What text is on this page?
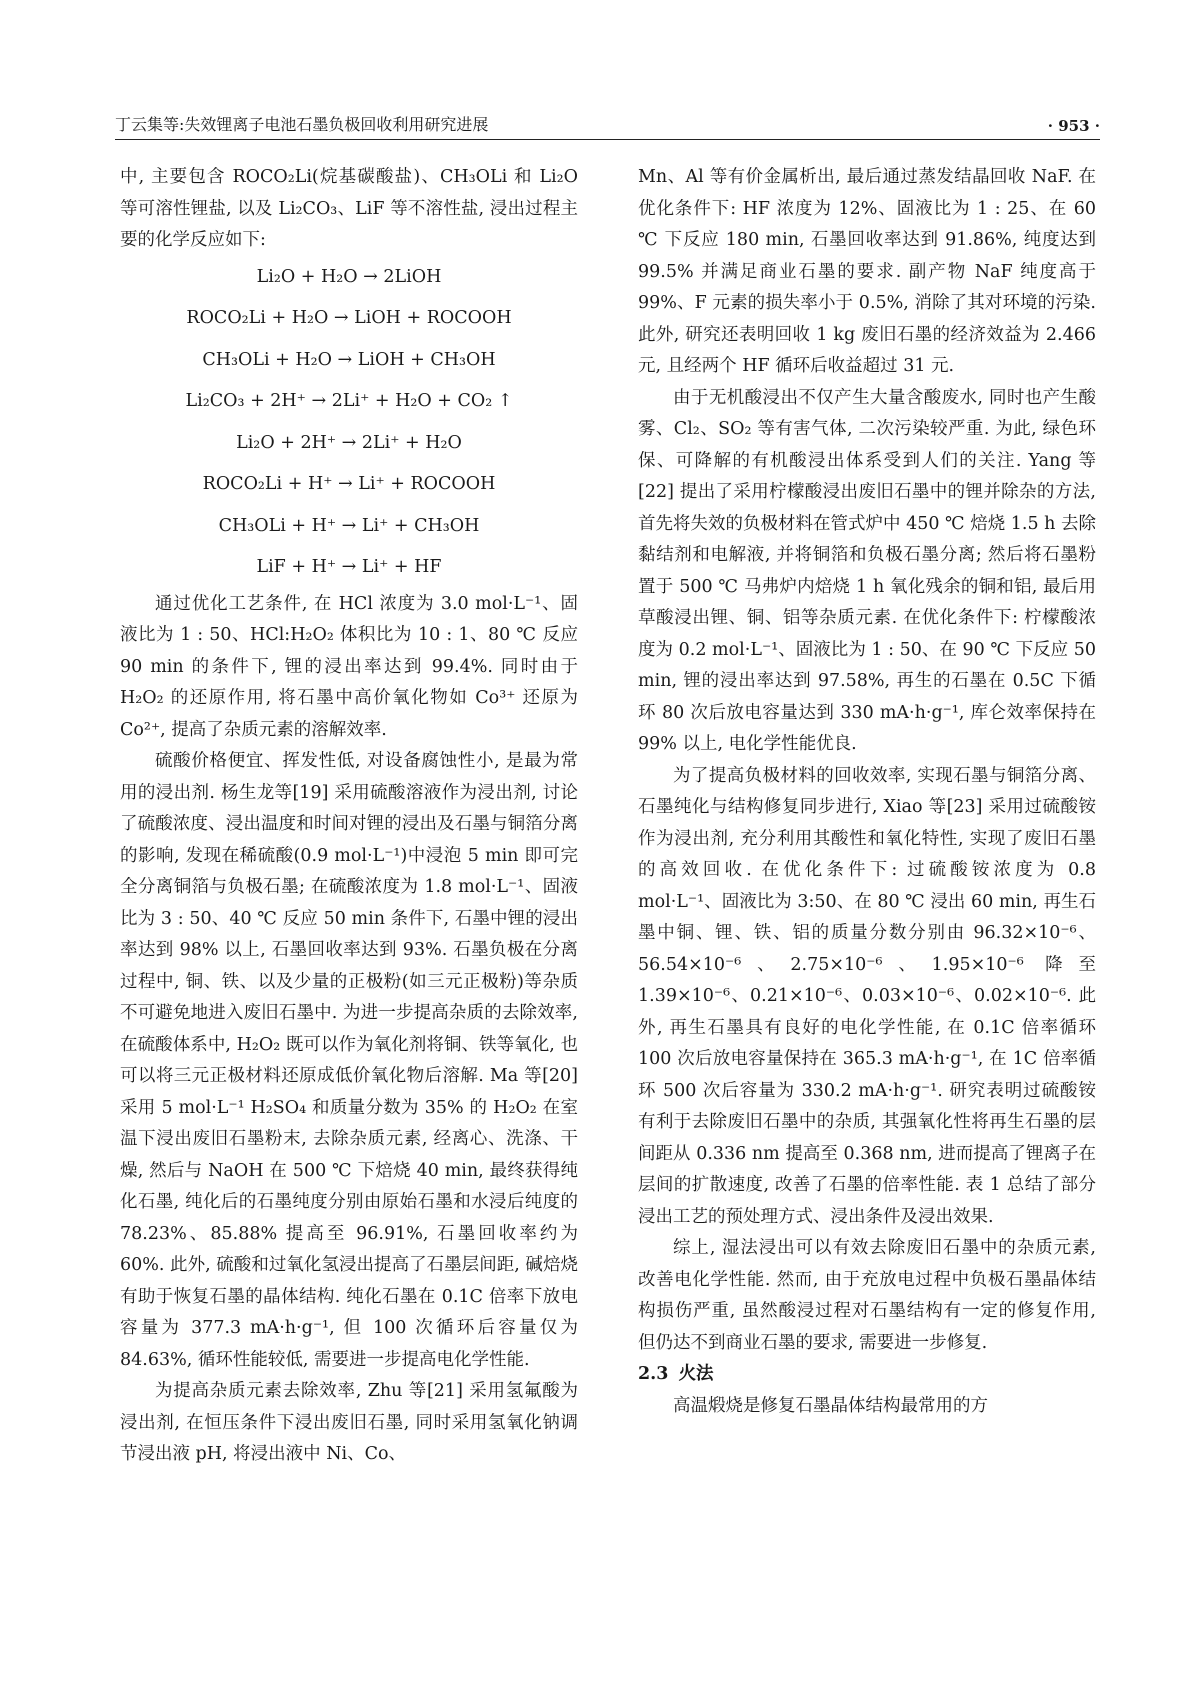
丁云集等:失效锂离子电池石墨负极回收利用研究进展	· 953 ·

中, 主要包含 ROCO₂Li(烷基碳酸盐)、CH₃OLi 和 Li₂O 等可溶性锂盐, 以及 Li₂CO₃、LiF 等不溶性盐, 浸出过程主要的化学反应如下:

Li₂O + H₂O → 2LiOH

ROCO₂Li + H₂O → LiOH + ROCOOH

CH₃OLi + H₂O → LiOH + CH₃OH

Li₂CO₃ + 2H⁺ → 2Li⁺ + H₂O + CO₂ ↑

Li₂O + 2H⁺ → 2Li⁺ + H₂O

ROCO₂Li + H⁺ → Li⁺ + ROCOOH

CH₃OLi + H⁺ → Li⁺ + CH₃OH

LiF + H⁺ → Li⁺ + HF

通过优化工艺条件, 在 HCl 浓度为 3.0 mol·L⁻¹、固液比为 1 : 50、HCl:H₂O₂ 体积比为 10 : 1、80 ℃ 反应 90 min 的条件下, 锂的浸出率达到 99.4%. 同时由于 H₂O₂ 的还原作用, 将石墨中高价氧化物如 Co³⁺ 还原为 Co²⁺, 提高了杂质元素的溶解效率.

硫酸价格便宜、挥发性低, 对设备腐蚀性小, 是最为常用的浸出剂. 杨生龙等[19] 采用硫酸溶液作为浸出剂, 讨论了硫酸浓度、浸出温度和时间对锂的浸出及石墨与铜箔分离的影响, 发现在稀硫酸(0.9 mol·L⁻¹)中浸泡 5 min 即可完全分离铜箔与负极石墨; 在硫酸浓度为 1.8 mol·L⁻¹、固液比为 3 : 50、40 ℃ 反应 50 min 条件下, 石墨中锂的浸出率达到 98% 以上, 石墨回收率达到 93%. 石墨负极在分离过程中, 铜、铁、以及少量的正极粉(如三元正极粉)等杂质不可避免地进入废旧石墨中. 为进一步提高杂质的去除效率, 在硫酸体系中, H₂O₂ 既可以作为氧化剂将铜、铁等氧化, 也可以将三元正极材料还原成低价氧化物后溶解. Ma 等[20] 采用 5 mol·L⁻¹ H₂SO₄ 和质量分数为 35% 的 H₂O₂ 在室温下浸出废旧石墨粉末, 去除杂质元素, 经离心、洗涤、干燥, 然后与 NaOH 在 500 ℃ 下焙烧 40 min, 最终获得纯化石墨, 纯化后的石墨纯度分别由原始石墨和水浸后纯度的 78.23%、85.88% 提高至 96.91%, 石墨回收率约为 60%. 此外, 硫酸和过氧化氢浸出提高了石墨层间距, 碱焙烧有助于恢复石墨的晶体结构. 纯化石墨在 0.1C 倍率下放电容量为 377.3 mA·h·g⁻¹, 但 100 次循环后容量仅为 84.63%, 循环性能较低, 需要进一步提高电化学性能.

为提高杂质元素去除效率, Zhu 等[21] 采用氢氟酸为浸出剂, 在恒压条件下浸出废旧石墨, 同时采用氢氧化钠调节浸出液 pH, 将浸出液中 Ni、Co、

Mn、Al 等有价金属析出, 最后通过蒸发结晶回收 NaF. 在优化条件下: HF 浓度为 12%、固液比为 1 : 25、在 60 ℃ 下反应 180 min, 石墨回收率达到 91.86%, 纯度达到 99.5% 并满足商业石墨的要求. 副产物 NaF 纯度高于 99%、F 元素的损失率小于 0.5%, 消除了其对环境的污染. 此外, 研究还表明回收 1 kg 废旧石墨的经济效益为 2.466 元, 且经两个 HF 循环后收益超过 31 元.

由于无机酸浸出不仅产生大量含酸废水, 同时也产生酸雾、Cl₂、SO₂ 等有害气体, 二次污染较严重. 为此, 绿色环保、可降解的有机酸浸出体系受到人们的关注. Yang 等[22] 提出了采用柠檬酸浸出废旧石墨中的锂并除杂的方法, 首先将失效的负极材料在管式炉中 450 ℃ 焙烧 1.5 h 去除黏结剂和电解液, 并将铜箔和负极石墨分离; 然后将石墨粉置于 500 ℃ 马弗炉内焙烧 1 h 氧化残余的铜和铝, 最后用草酸浸出锂、铜、铝等杂质元素. 在优化条件下: 柠檬酸浓度为 0.2 mol·L⁻¹、固液比为 1 : 50、在 90 ℃ 下反应 50 min, 锂的浸出率达到 97.58%, 再生的石墨在 0.5C 下循环 80 次后放电容量达到 330 mA·h·g⁻¹, 库仑效率保持在 99% 以上, 电化学性能优良.

为了提高负极材料的回收效率, 实现石墨与铜箔分离、石墨纯化与结构修复同步进行, Xiao 等[23] 采用过硫酸铵作为浸出剂, 充分利用其酸性和氧化特性, 实现了废旧石墨的高效回收. 在优化条件下: 过硫酸铵浓度为 0.8 mol·L⁻¹、固液比为 3:50、在 80 ℃ 浸出 60 min, 再生石墨中铜、锂、铁、铝的质量分数分别由 96.32×10⁻⁶、56.54×10⁻⁶、2.75×10⁻⁶、1.95×10⁻⁶ 降至 1.39×10⁻⁶、0.21×10⁻⁶、0.03×10⁻⁶、0.02×10⁻⁶. 此外, 再生石墨具有良好的电化学性能, 在 0.1C 倍率循环 100 次后放电容量保持在 365.3 mA·h·g⁻¹, 在 1C 倍率循环 500 次后容量为 330.2 mA·h·g⁻¹. 研究表明过硫酸铵有利于去除废旧石墨中的杂质, 其强氧化性将再生石墨的层间距从 0.336 nm 提高至 0.368 nm, 进而提高了锂离子在层间的扩散速度, 改善了石墨的倍率性能. 表 1 总结了部分浸出工艺的预处理方式、浸出条件及浸出效果.

综上, 湿法浸出可以有效去除废旧石墨中的杂质元素, 改善电化学性能. 然而, 由于充放电过程中负极石墨晶体结构损伤严重, 虽然酸浸过程对石墨结构有一定的修复作用, 但仍达不到商业石墨的要求, 需要进一步修复.

2.3 火法

高温煅烧是修复石墨晶体结构最常用的方
